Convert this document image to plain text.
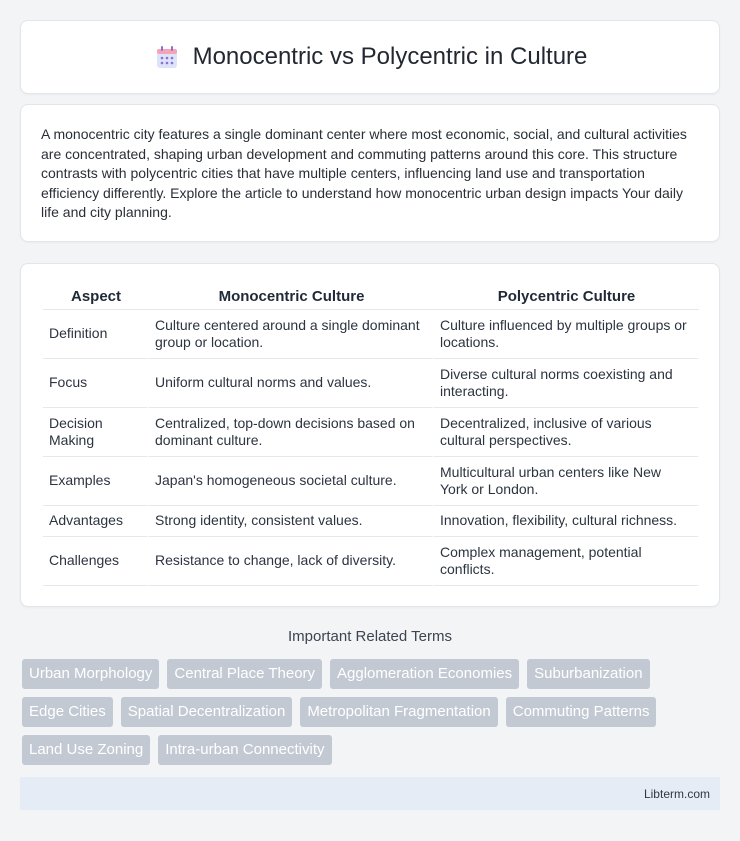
Monocentric vs Polycentric in Culture

A monocentric city features a single dominant center where most economic, social, and cultural activities are concentrated, shaping urban development and commuting patterns around this core. This structure contrasts with polycentric cities that have multiple centers, influencing land use and transportation efficiency differently. Explore the article to understand how monocentric urban design impacts Your daily life and city planning.

Aspect	Monocentric Culture	Polycentric Culture
Definition	Culture centered around a single dominant group or location.	Culture influenced by multiple groups or locations.
Focus	Uniform cultural norms and values.	Diverse cultural norms coexisting and interacting.
Decision Making	Centralized, top-down decisions based on dominant culture.	Decentralized, inclusive of various cultural perspectives.
Examples	Japan's homogeneous societal culture.	Multicultural urban centers like New York or London.
Advantages	Strong identity, consistent values.	Innovation, flexibility, cultural richness.
Challenges	Resistance to change, lack of diversity.	Complex management, potential conflicts.
Important Related Terms
Urban Morphology	Central Place Theory	Agglomeration Economies	Suburbanization
Edge Cities	Spatial Decentralization	Metropolitan Fragmentation	Commuting Patterns
Land Use Zoning	Intra-urban Connectivity
Libterm.com
